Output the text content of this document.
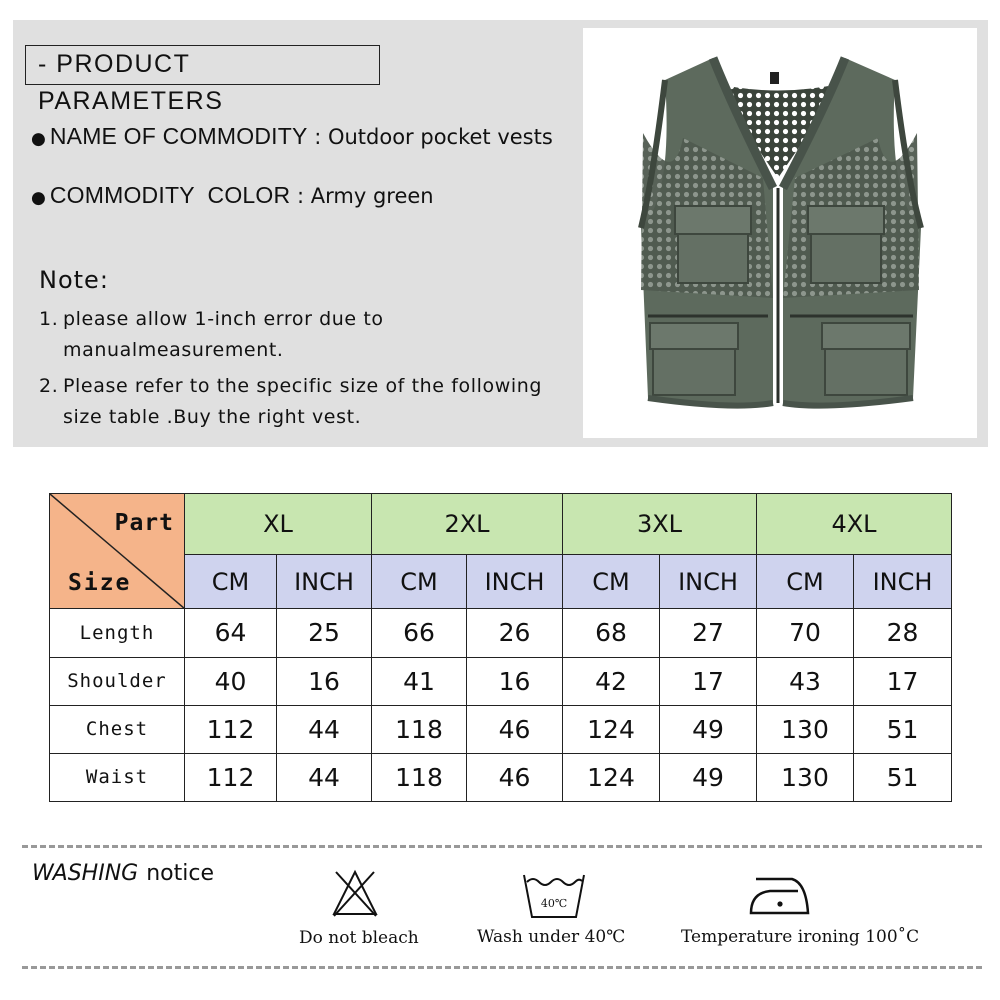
- PRODUCT PARAMETERS
● NAME OF COMMODITY : Outdoor pocket vests
● COMMODITY  COLOR : Army green
Note:
1. please allow 1-inch error due to
manualmeasurement.
2. Please refer to the specific size of the following
size table .Buy the right vest.
Part
Size	XL		2XL		3XL		4XL	
	CM	INCH	CM	INCH	CM	INCH	CM	INCH
Length	64	25	66	26	68	27	70	28
Shoulder	40	16	41	16	42	17	43	17
Chest	112	44	118	46	124	49	130	51
Waist	112	44	118	46	124	49	130	51
WASHING notice
Do not bleach
40℃
Wash under 40℃	Temperature ironing 100˚C
